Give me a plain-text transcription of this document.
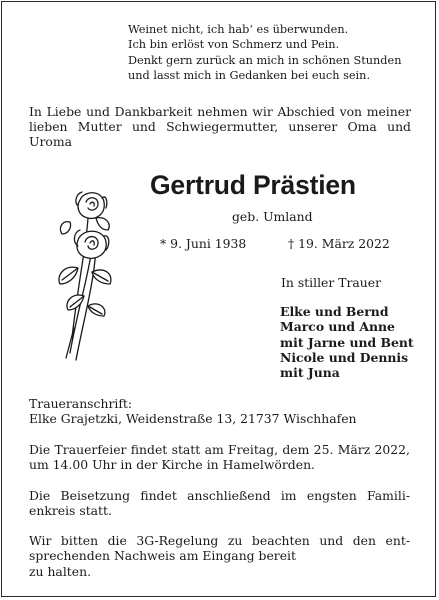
Weinet nicht, ich hab‘ es überwunden.
Ich bin erlöst von Schmerz und Pein.
Denkt gern zurück an mich in schönen Stunden
und lasst mich in Gedanken bei euch sein.
In Liebe und Dankbarkeit nehmen wir Abschied von meiner lieben Mutter und Schwiegermutter, unserer Oma und Uroma
Gertrud Prästien
geb. Umland
* 9. Juni 1938	† 19. März 2022
In stiller Trauer
Elke und Bernd
Marco und Anne
mit Jarne und Bent
Nicole und Dennis
mit Juna
Traueranschrift:
Elke Grajetzki, Weidenstraße 13, 21737 Wischhafen
Die Trauerfeier findet statt am Freitag, dem 25. März 2022, um 14.00 Uhr in der Kirche in Hamelwörden.
Die Beisetzung findet anschließend im engsten Familienkreis statt.
Wir bitten die 3G-Regelung zu beachten und den entsprechenden Nachweis am Eingang bereit
zu halten.
